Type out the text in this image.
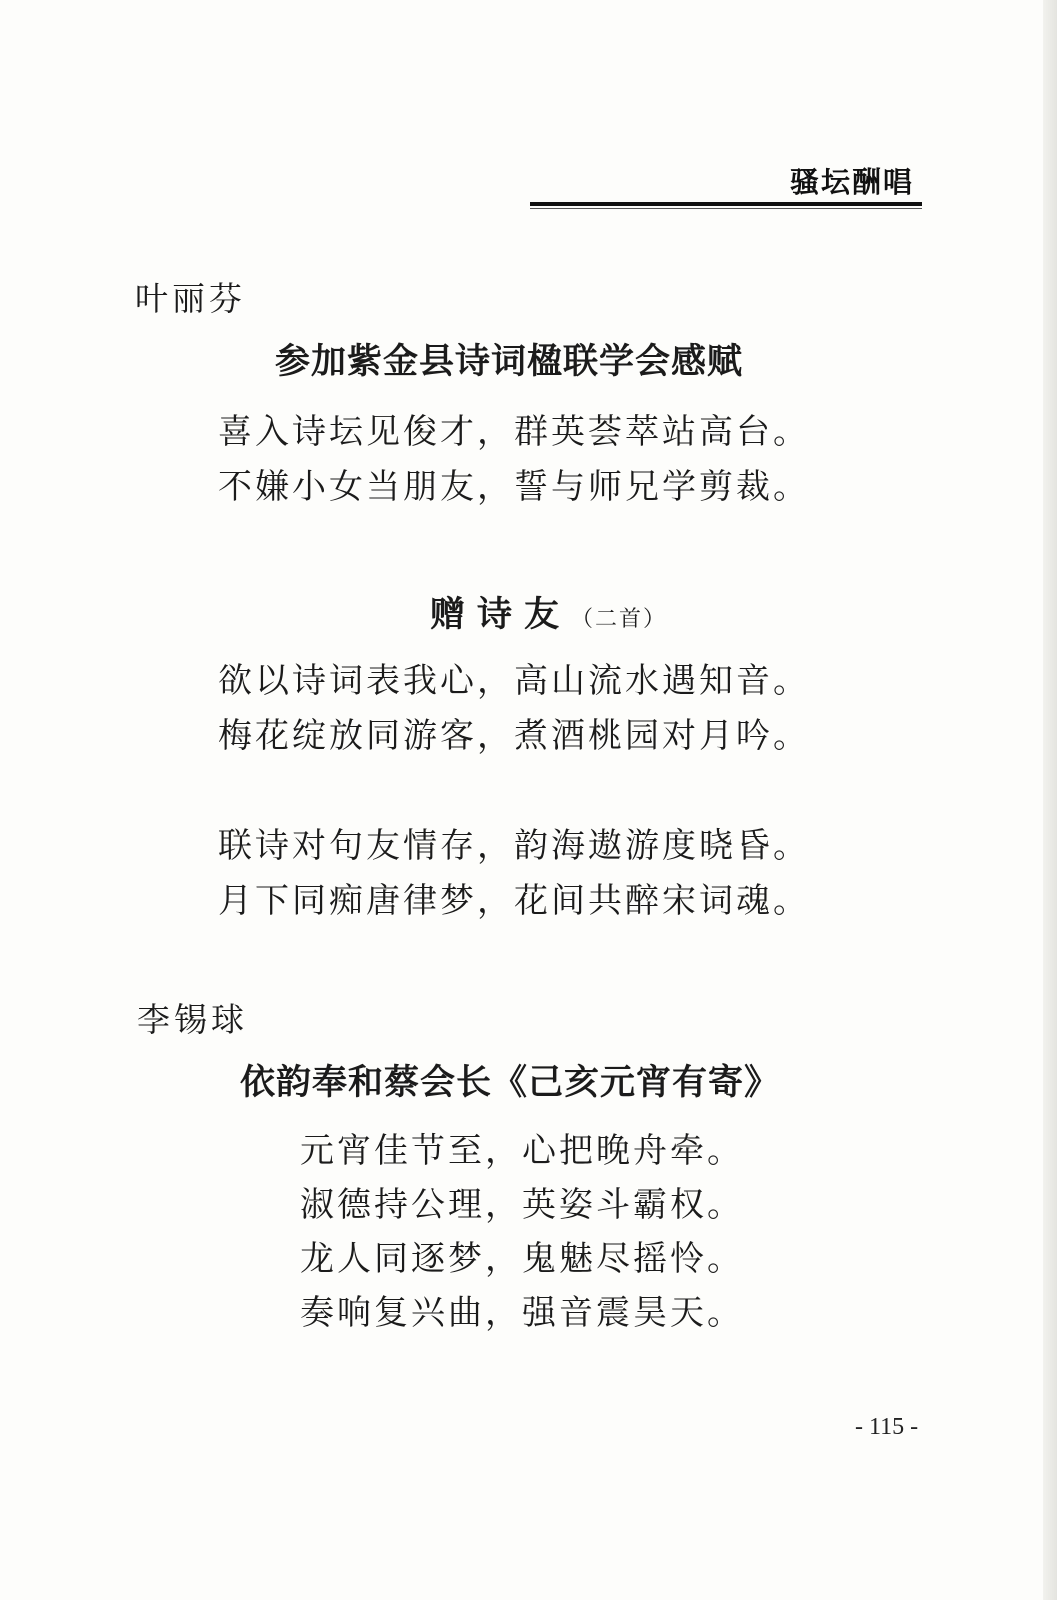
骚坛酬唱
叶丽芬
参加紫金县诗词楹联学会感赋
喜入诗坛见俊才，群英荟萃站高台。
不嫌小女当朋友，誓与师兄学剪裁。
赠诗友（二首）
欲以诗词表我心，高山流水遇知音。
梅花绽放同游客，煮酒桃园对月吟。
联诗对句友情存，韵海遨游度晓昏。
月下同痴唐律梦，花间共醉宋词魂。
李锡球
依韵奉和蔡会长《己亥元宵有寄》
元宵佳节至，心把晚舟牵。
淑德持公理，英姿斗霸权。
龙人同逐梦，鬼魅尽摇怜。
奏响复兴曲，强音震昊天。
- 115 -
